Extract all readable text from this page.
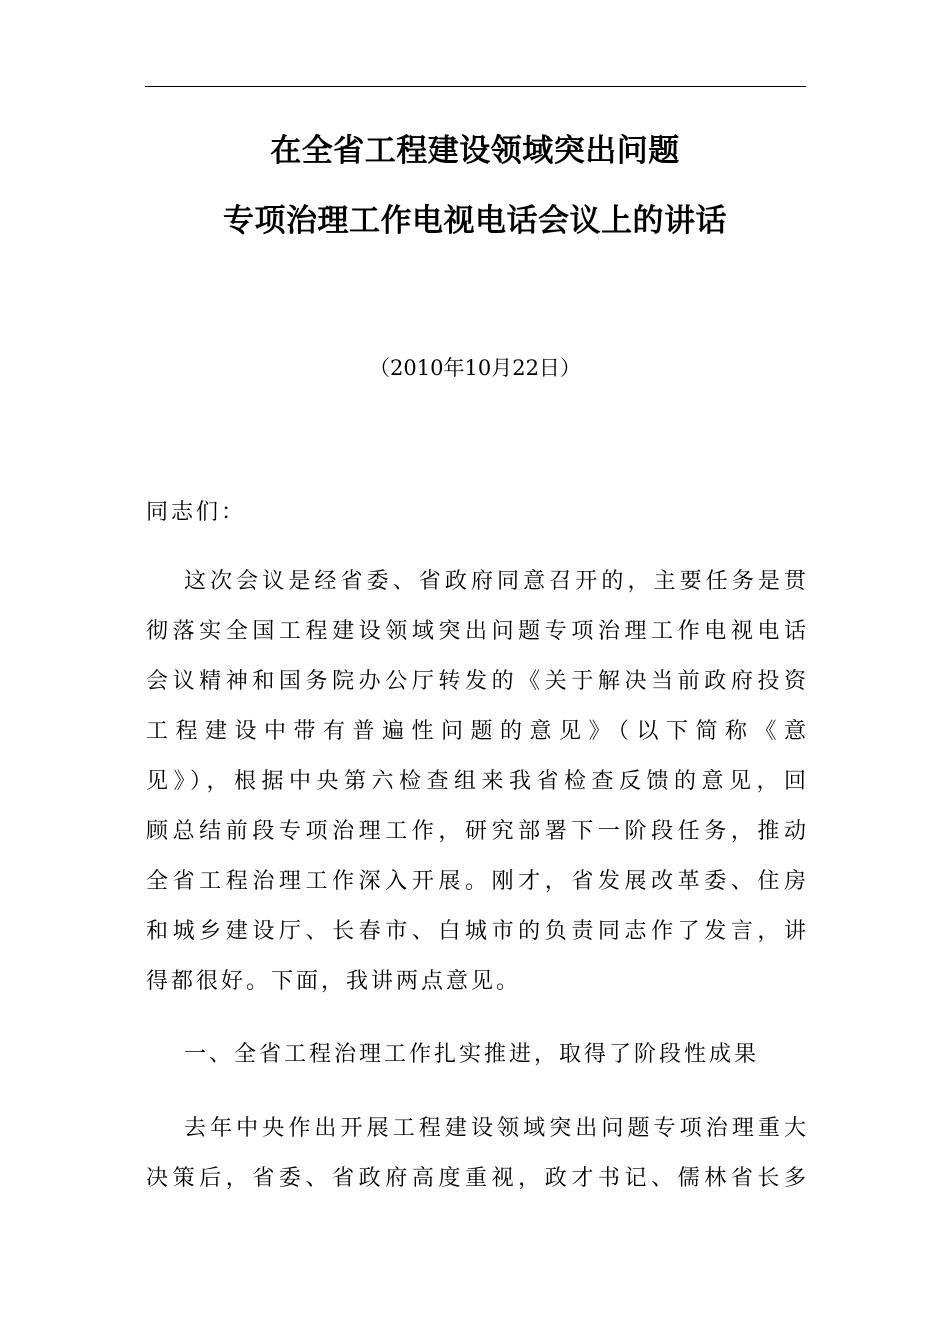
在全省工程建设领域突出问题
专项治理工作电视电话会议上的讲话
（2010年10月22日）
同志们：
这次会议是经省委、省政府同意召开的，主要任务是贯
彻落实全国工程建设领域突出问题专项治理工作电视电话
会议精神和国务院办公厅转发的《关于解决当前政府投资
工程建设中带有普遍性问题的意见》（以下简称《意
见》），根据中央第六检查组来我省检查反馈的意见，回
顾总结前段专项治理工作，研究部署下一阶段任务，推动
全省工程治理工作深入开展。刚才，省发展改革委、住房
和城乡建设厅、长春市、白城市的负责同志作了发言，讲
得都很好。下面，我讲两点意见。
一、全省工程治理工作扎实推进，取得了阶段性成果
去年中央作出开展工程建设领域突出问题专项治理重大
决策后，省委、省政府高度重视，政才书记、儒林省长多
